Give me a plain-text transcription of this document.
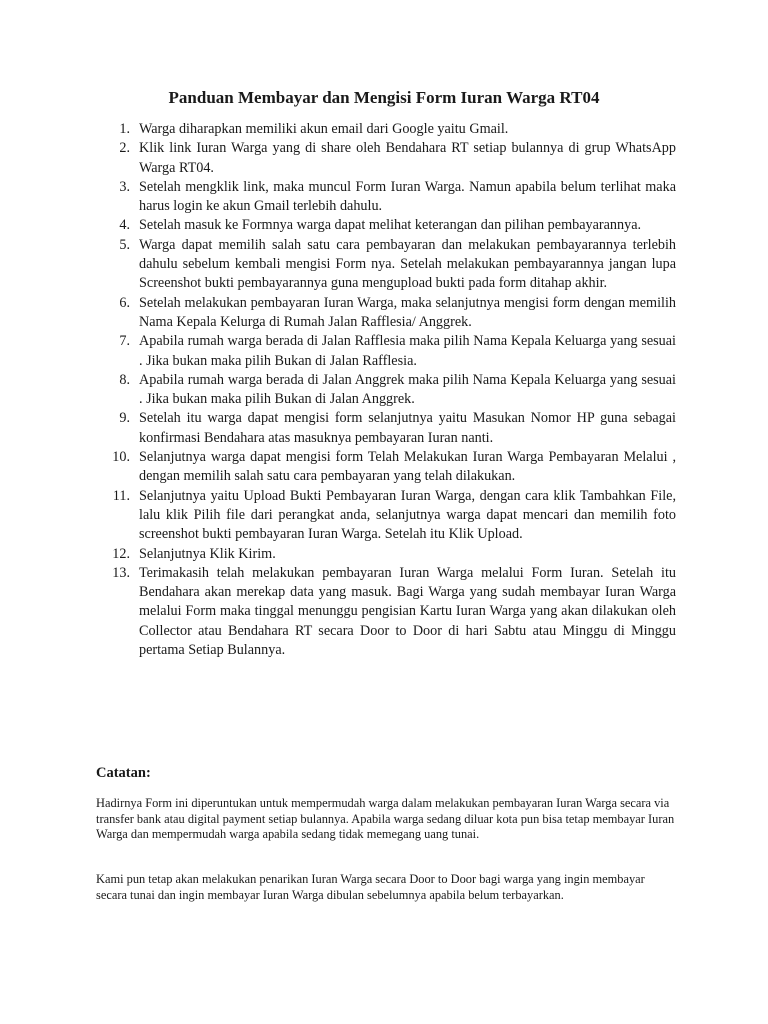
Panduan Membayar dan Mengisi Form Iuran Warga RT04
1. Warga diharapkan memiliki akun email dari Google yaitu Gmail.
2. Klik link Iuran Warga yang di share oleh Bendahara RT setiap bulannya di grup WhatsApp Warga RT04.
3. Setelah mengklik link, maka muncul Form Iuran Warga. Namun apabila belum terlihat maka harus login ke akun Gmail terlebih dahulu.
4. Setelah masuk ke Formnya warga dapat melihat keterangan dan pilihan pembayarannya.
5. Warga dapat memilih salah satu cara pembayaran dan melakukan pembayarannya terlebih dahulu sebelum kembali mengisi Form nya. Setelah melakukan pembayarannya jangan lupa Screenshot bukti pembayarannya guna mengupload bukti pada form ditahap akhir.
6. Setelah melakukan pembayaran Iuran Warga, maka selanjutnya mengisi form dengan memilih Nama Kepala Kelurga di Rumah Jalan Rafflesia/ Anggrek.
7. Apabila rumah warga berada di Jalan Rafflesia maka pilih Nama Kepala Keluarga yang sesuai . Jika bukan maka pilih Bukan di Jalan Rafflesia.
8. Apabila rumah warga berada di Jalan Anggrek maka pilih Nama Kepala Keluarga yang sesuai . Jika bukan maka pilih Bukan di Jalan Anggrek.
9. Setelah itu warga dapat mengisi form selanjutnya yaitu Masukan Nomor HP guna sebagai konfirmasi Bendahara atas masuknya pembayaran Iuran nanti.
10. Selanjutnya warga dapat mengisi form Telah Melakukan Iuran Warga Pembayaran Melalui , dengan memilih salah satu cara pembayaran yang telah dilakukan.
11. Selanjutnya yaitu Upload Bukti Pembayaran Iuran Warga, dengan cara klik Tambahkan File, lalu klik Pilih file dari perangkat anda, selanjutnya warga dapat mencari dan memilih foto screenshot bukti pembayaran Iuran Warga. Setelah itu Klik Upload.
12. Selanjutnya Klik Kirim.
13. Terimakasih telah melakukan pembayaran Iuran Warga melalui Form Iuran. Setelah itu Bendahara akan merekap data yang masuk. Bagi Warga yang sudah membayar Iuran Warga melalui Form maka tinggal menunggu pengisian Kartu Iuran Warga yang akan dilakukan oleh Collector atau Bendahara RT secara Door to Door di hari Sabtu atau Minggu di Minggu pertama Setiap Bulannya.
Catatan:

Hadirnya Form ini diperuntukan untuk mempermudah warga dalam melakukan pembayaran Iuran Warga secara via transfer bank atau digital payment setiap bulannya. Apabila warga sedang diluar kota pun bisa tetap membayar Iuran Warga dan mempermudah warga apabila sedang tidak memegang uang tunai.

Kami pun tetap akan melakukan penarikan Iuran Warga secara Door to Door bagi warga yang ingin membayar secara tunai dan ingin membayar Iuran Warga dibulan sebelumnya apabila belum terbayarkan.
